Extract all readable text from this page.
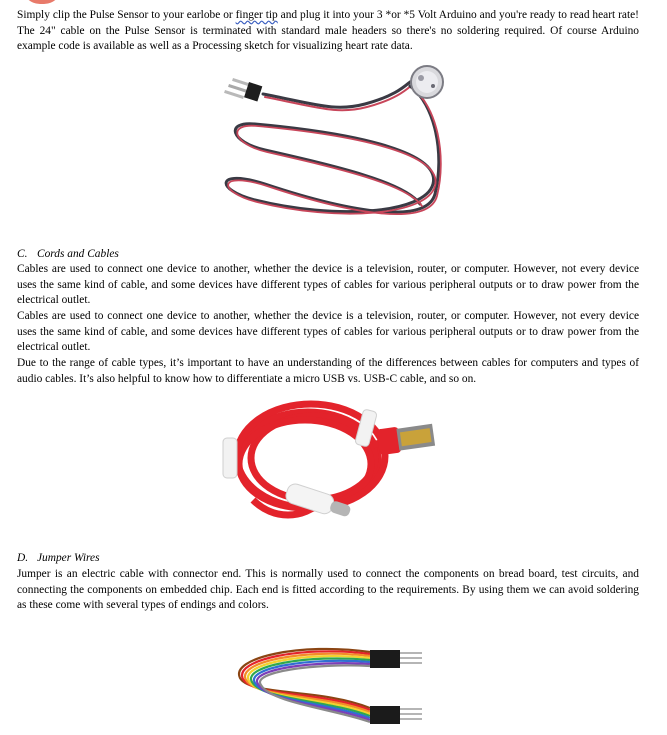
Simply clip the Pulse Sensor to your earlobe or finger tip and plug it into your 3 *or *5 Volt Arduino and you're ready to read heart rate! The 24" cable on the Pulse Sensor is terminated with standard male headers so there's no soldering required. Of course Arduino example code is available as well as a Processing sketch for visualizing heart rate data.

C. Cords and Cables

Cables are used to connect one device to another, whether the device is a television, router, or computer. However, not every device uses the same kind of cable, and some devices have different types of cables for various peripheral outputs or to draw power from the electrical outlet.

Cables are used to connect one device to another, whether the device is a television, router, or computer. However, not every device uses the same kind of cable, and some devices have different types of cables for various peripheral outputs or to draw power from the electrical outlet.

Due to the range of cable types, it’s important to have an understanding of the differences between cables for computers and types of audio cables. It’s also helpful to know how to differentiate a micro USB vs. USB-C cable, and so on.

D. Jumper Wires

Jumper is an electric cable with connector end. This is normally used to connect the components on bread board, test circuits, and connecting the components on embedded chip. Each end is fitted according to the requirements. By using them we can avoid soldering as these come with several types of endings and colors.
